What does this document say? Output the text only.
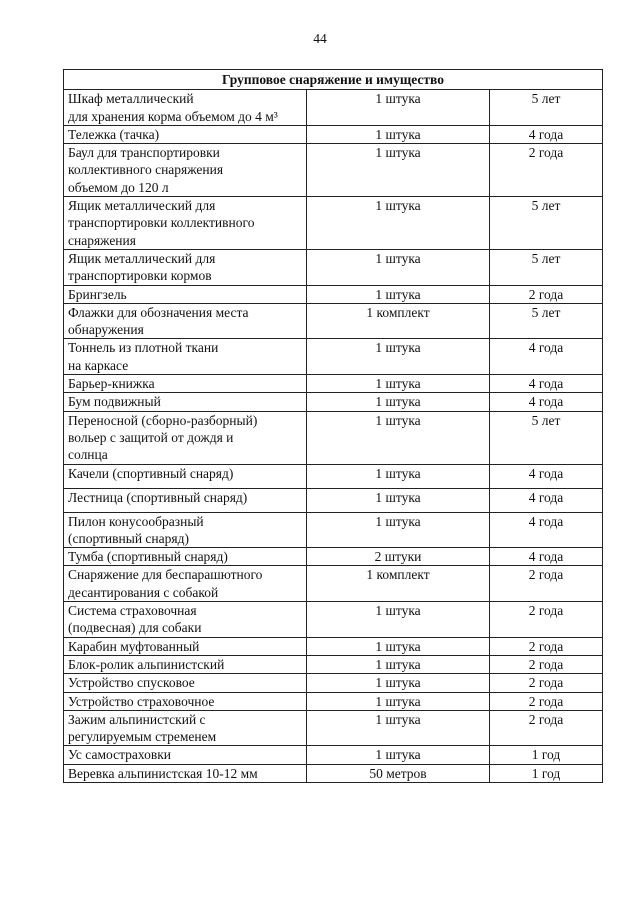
44
Групповое снаряжение и имущество		

Шкаф металлический
для хранения корма объемом до 4 м³	1 штука	5 лет

Тележка (тачка)	1 штука	4 года

Баул для транспортировки
коллективного снаряжения
объемом до 120 л	1 штука	2 года

Ящик металлический для
транспортировки коллективного
снаряжения	1 штука	5 лет

Ящик металлический для
транспортировки кормов	1 штука	5 лет

Брингзель	1 штука	2 года

Флажки для обозначения места
обнаружения	1 комплект	5 лет

Тоннель из плотной ткани
на каркасе	1 штука	4 года

Барьер-книжка	1 штука	4 года

Бум подвижный	1 штука	4 года

Переносной (сборно-разборный)
вольер с защитой от дождя и
солнца	1 штука	5 лет

Качели (спортивный снаряд)	1 штука	4 года

Лестница (спортивный снаряд)	1 штука	4 года

Пилон конусообразный
(спортивный снаряд)	1 штука	4 года

Тумба (спортивный снаряд)	2 штуки	4 года

Снаряжение для беспарашютного
десантирования с собакой	1 комплект	2 года

Система страховочная
(подвесная) для собаки	1 штука	2 года

Карабин муфтованный	1 штука	2 года

Блок-ролик альпинистский	1 штука	2 года

Устройство спусковое	1 штука	2 года

Устройство страховочное	1 штука	2 года

Зажим альпинистский с
регулируемым стременем	1 штука	2 года

Ус самостраховки	1 штука	1 год

Веревка альпинистская 10-12 мм	50 метров	1 год
